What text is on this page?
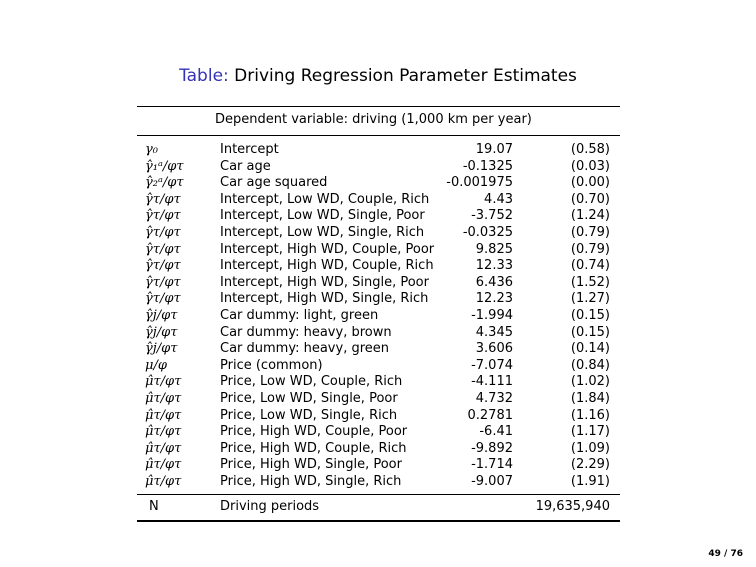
Table: Driving Regression Parameter Estimates
Dependent variable: driving (1,000 km per year)
γ₀	Intercept	19.07	(0.58)
γ̂₁ᵃ/φτ	Car age	-0.1325	(0.03)
γ̂₂ᵃ/φτ	Car age squared	-0.001975	(0.00)
γ̂τ/φτ	Intercept, Low WD, Couple, Rich	4.43	(0.70)
γ̂τ/φτ	Intercept, Low WD, Single, Poor	-3.752	(1.24)
γ̂τ/φτ	Intercept, Low WD, Single, Rich	-0.0325	(0.79)
γ̂τ/φτ	Intercept, High WD, Couple, Poor	9.825	(0.79)
γ̂τ/φτ	Intercept, High WD, Couple, Rich	12.33	(0.74)
γ̂τ/φτ	Intercept, High WD, Single, Poor	6.436	(1.52)
γ̂τ/φτ	Intercept, High WD, Single, Rich	12.23	(1.27)
γ̂j/φτ	Car dummy: light, green	-1.994	(0.15)
γ̂j/φτ	Car dummy: heavy, brown	4.345	(0.15)
γ̂j/φτ	Car dummy: heavy, green	3.606	(0.14)
μ/φ	Price (common)	-7.074	(0.84)
μ̂τ/φτ	Price, Low WD, Couple, Rich	-4.111	(1.02)
μ̂τ/φτ	Price, Low WD, Single, Poor	4.732	(1.84)
μ̂τ/φτ	Price, Low WD, Single, Rich	0.2781	(1.16)
μ̂τ/φτ	Price, High WD, Couple, Poor	-6.41	(1.17)
μ̂τ/φτ	Price, High WD, Couple, Rich	-9.892	(1.09)
μ̂τ/φτ	Price, High WD, Single, Poor	-1.714	(2.29)
μ̂τ/φτ	Price, High WD, Single, Rich	-9.007	(1.91)
N	Driving periods	19,635,940
49 / 76
